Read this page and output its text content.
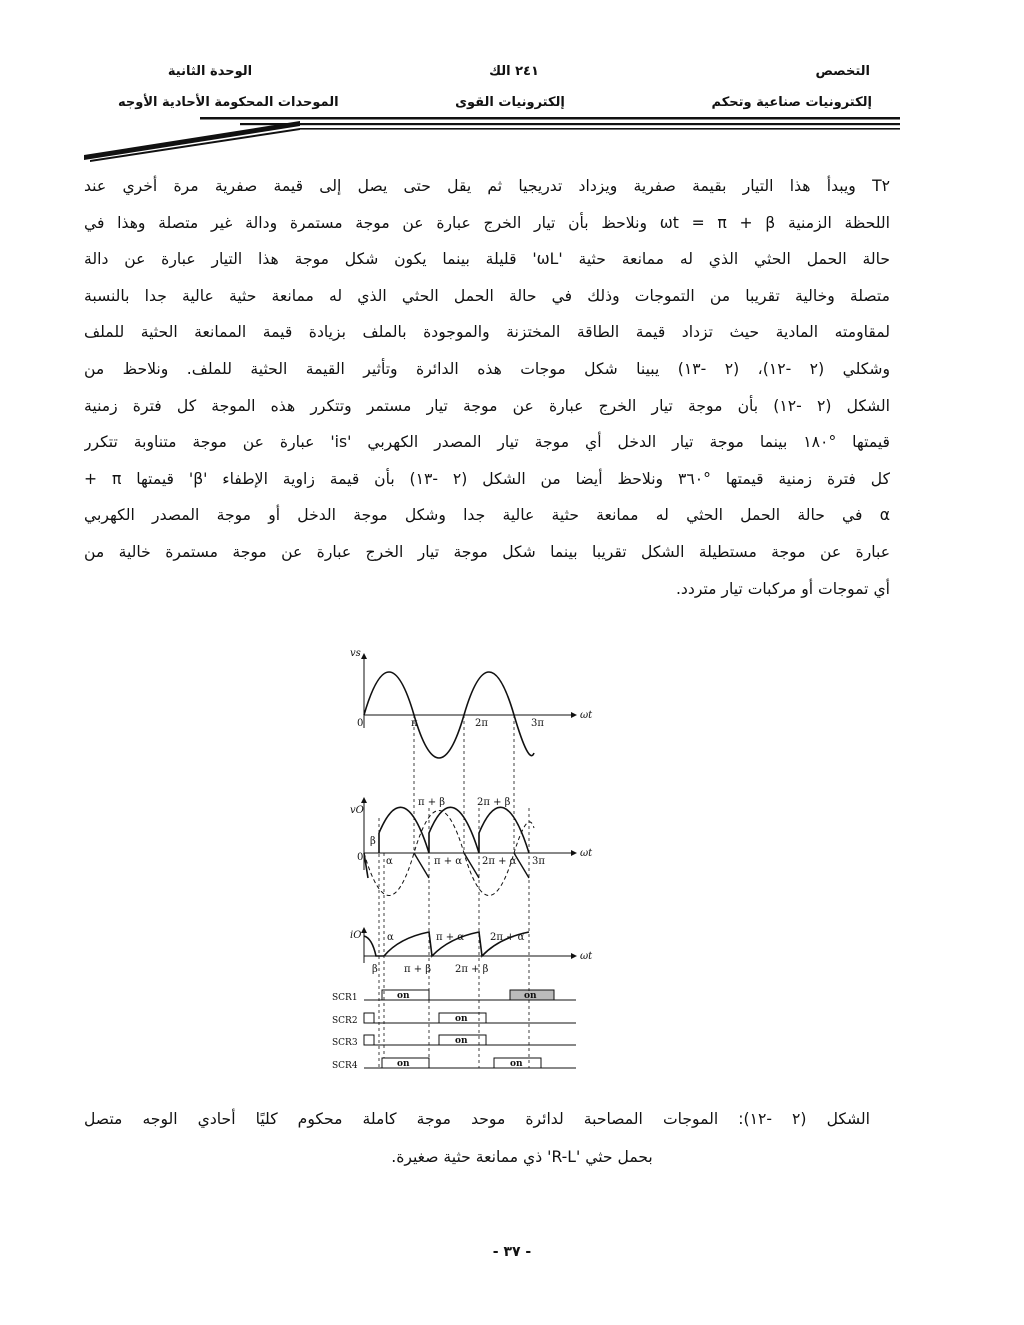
التخصص
إلكترونيات صناعية وتحكم
٢٤١ الك
إلكترونيات القوى
الوحدة الثانية
الموحدات المحكومة الأحادية الأوجه
T٢ ويبدأ هذا التيار بقيمة صفرية ويزداد تدريجيا ثم يقل حتى يصل إلى قيمة صفرية مرة أخري عند
اللحظة الزمنية ωt = π + β ونلاحظ بأن تيار الخرج عبارة عن موجة مستمرة ودالة غير متصلة وهذا في
حالة الحمل الحثي الذي له ممانعة حثية 'ωL' قليلة بينما يكون شكل موجة هذا التيار عبارة عن دالة
متصلة وخالية تقريبا من التموجات وذلك في حالة الحمل الحثي الذي له ممانعة حثية عالية جدا بالنسبة
لمقاومته المادية حيث تزداد قيمة الطاقة المختزنة والموجودة بالملف بزيادة قيمة الممانعة الحثية للملف
وشكلي (٢ -١٢)، (٢ -١٣) يبينا شكل موجات هذه الدائرة وتأثير القيمة الحثية للملف. ونلاحظ من
الشكل (٢ -١٢) بأن موجة تيار الخرج عبارة عن موجة تيار مستمر وتتكرر هذه الموجة كل فترة زمنية
قيمتها °١٨٠ بينما موجة تيار الدخل أي موجة تيار المصدر الكهربي 'is' عبارة عن موجة متناوبة تتكرر
كل فترة زمنية قيمتها °٣٦٠ ونلاحظ أيضا من الشكل (٢ -١٣) بأن قيمة زاوية الإطفاء 'β' قيمتها π +
α في حالة الحمل الحثي له ممانعة حثية عالية جدا وشكل موجة الدخل أو موجة المصدر الكهربي
عبارة عن موجة مستطيلة الشكل تقريبا بينما شكل موجة تيار الخرج عبارة عن موجة مستمرة خالية من
أي تموجات أو مركبات تيار متردد.
vs
0	π	2π	3π
ωt
vO
π + β	2π + β
β
0 α	π + α 2π + α 3π
ωt
iO	α	π + α	2π + α
β	π + β 2π + β
ωt
SCR1
SCR2
SCR3
SCR4
on	on
on
on
on	on
الشكل (٢ -١٢): الموجات المصاحبة لدائرة موحد موجة كاملة محكوم كليًا أحادي الوجه متصل
بحمل حثي 'R-L' ذي ممانعة حثية صغيرة.
- ٣٧ -
